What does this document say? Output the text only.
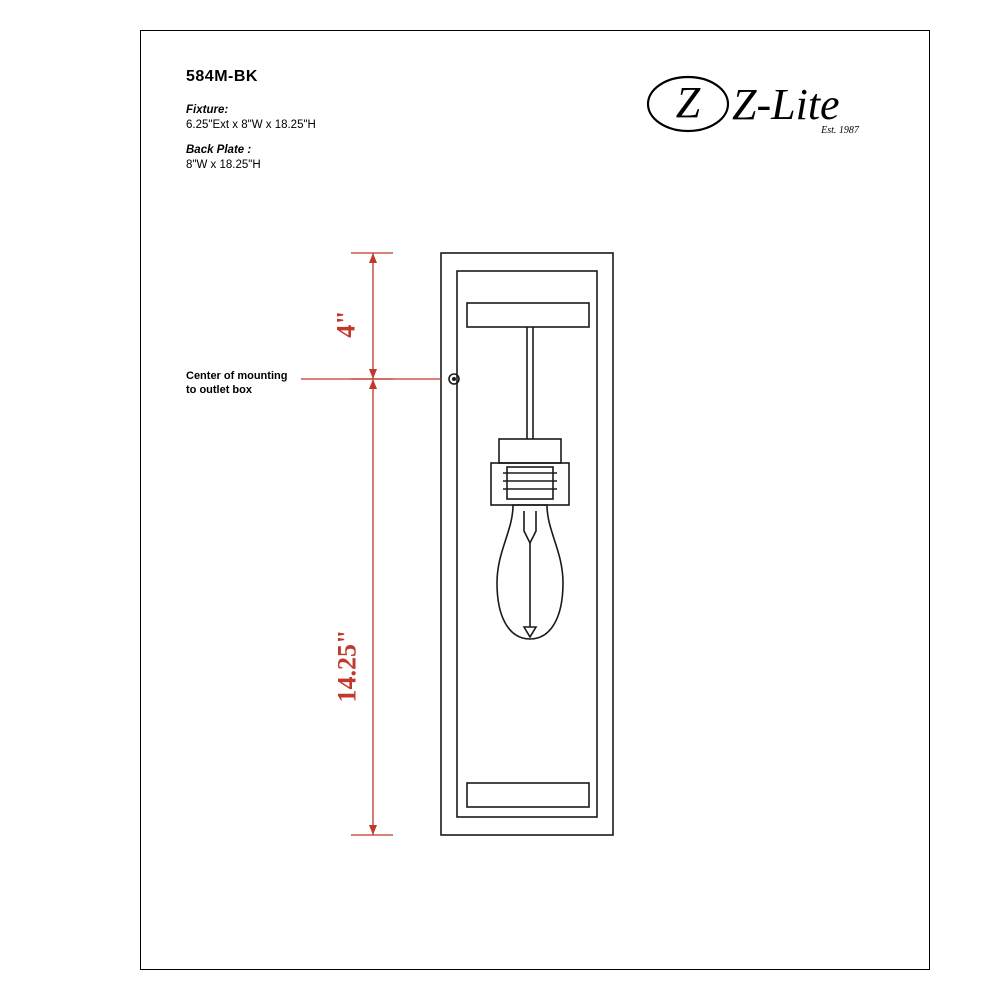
584M-BK
Fixture:
6.25"Ext x 8"W x 18.25"H
Back Plate :
8"W x 18.25"H
Z Z-Lite
Est. 1987
Center of mounting
to outlet box
4"
14.25"
